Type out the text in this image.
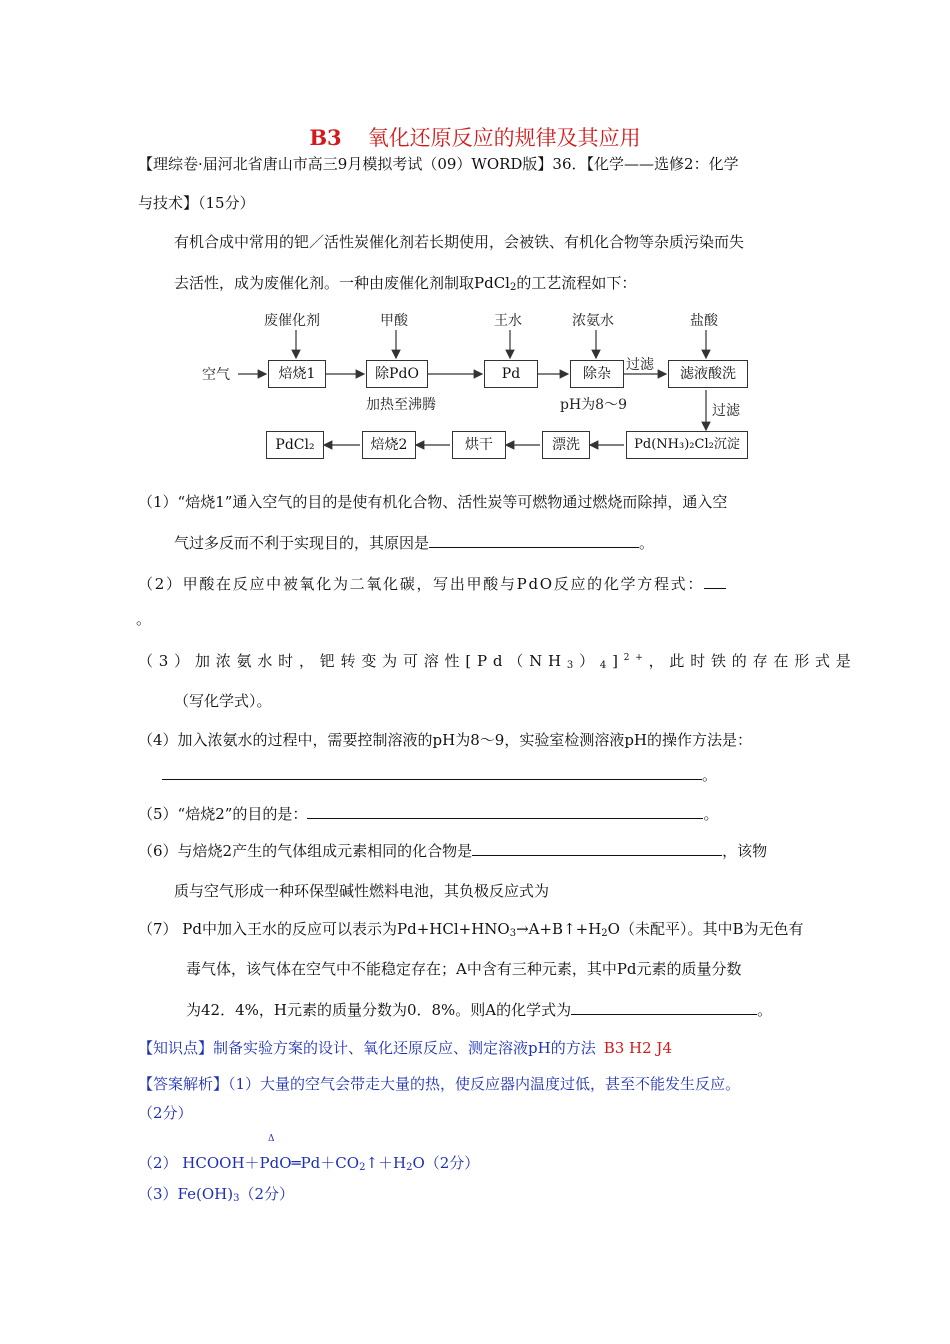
B3 氧化还原反应的规律及其应用
【理综卷·届河北省唐山市高三9月模拟考试（09）WORD版】36．【化学——选修2：化学
与技术】（15分）
有机合成中常用的钯／活性炭催化剂若长期使用，会被铁、有机化合物等杂质污染而失
去活性，成为废催化剂。一种由废催化剂制取PdCl$_2$的工艺流程如下：
废催化剂	甲酸	王水	浓氨水	盐酸
空气	焙烧1	除PdO	Pd	除杂	滤液酸洗
加热至沸腾	pH为8～9
过滤
过滤
Pd(NH₃)₂Cl₂沉淀
漂洗
烘干
焙烧2
PdCl₂
（1）“焙烧1”通入空气的目的是使有机化合物、活性炭等可燃物通过燃烧而除掉，通入空
气过多反而不利于实现目的，其原因是	。
（2）甲酸在反应中被氧化为二氧化碳，写出甲酸与PdO反应的化学方程式：
。
（3）加浓氨水时，钯转变为可溶性$[Pd(NH_3)_4]^{2+}$，此时铁的存在形式是
（写化学式）。
（4）加入浓氨水的过程中，需要控制溶液的pH为8～9，实验室检测溶液pH的操作方法是：
。
（5）“焙烧2”的目的是：	。
（6）与焙烧2产生的气体组成元素相同的化合物是	，该物
质与空气形成一种环保型碱性燃料电池，其负极反应式为
（7） Pd中加入王水的反应可以表示为$Pd+HCl+HNO_3\to A+B↑+H_2O$（未配平）。其中B为无色有
毒气体，该气体在空气中不能稳定存在；A中含有三种元素，其中Pd元素的质量分数
为42．4%，H元素的质量分数为0．8%。则A的化学式为	。
【知识点】制备实验方案的设计、氧化还原反应、测定溶液pH的方法 B3 H2 J4
【答案解析】（1）大量的空气会带走大量的热，使反应器内温度过低，甚至不能发生反应。
（2分）
Δ
（2） $HCOOH+PdO═Pd+CO_2↑+H_2O(2$分）
$(3)Fe(OH)_3(2$分）
